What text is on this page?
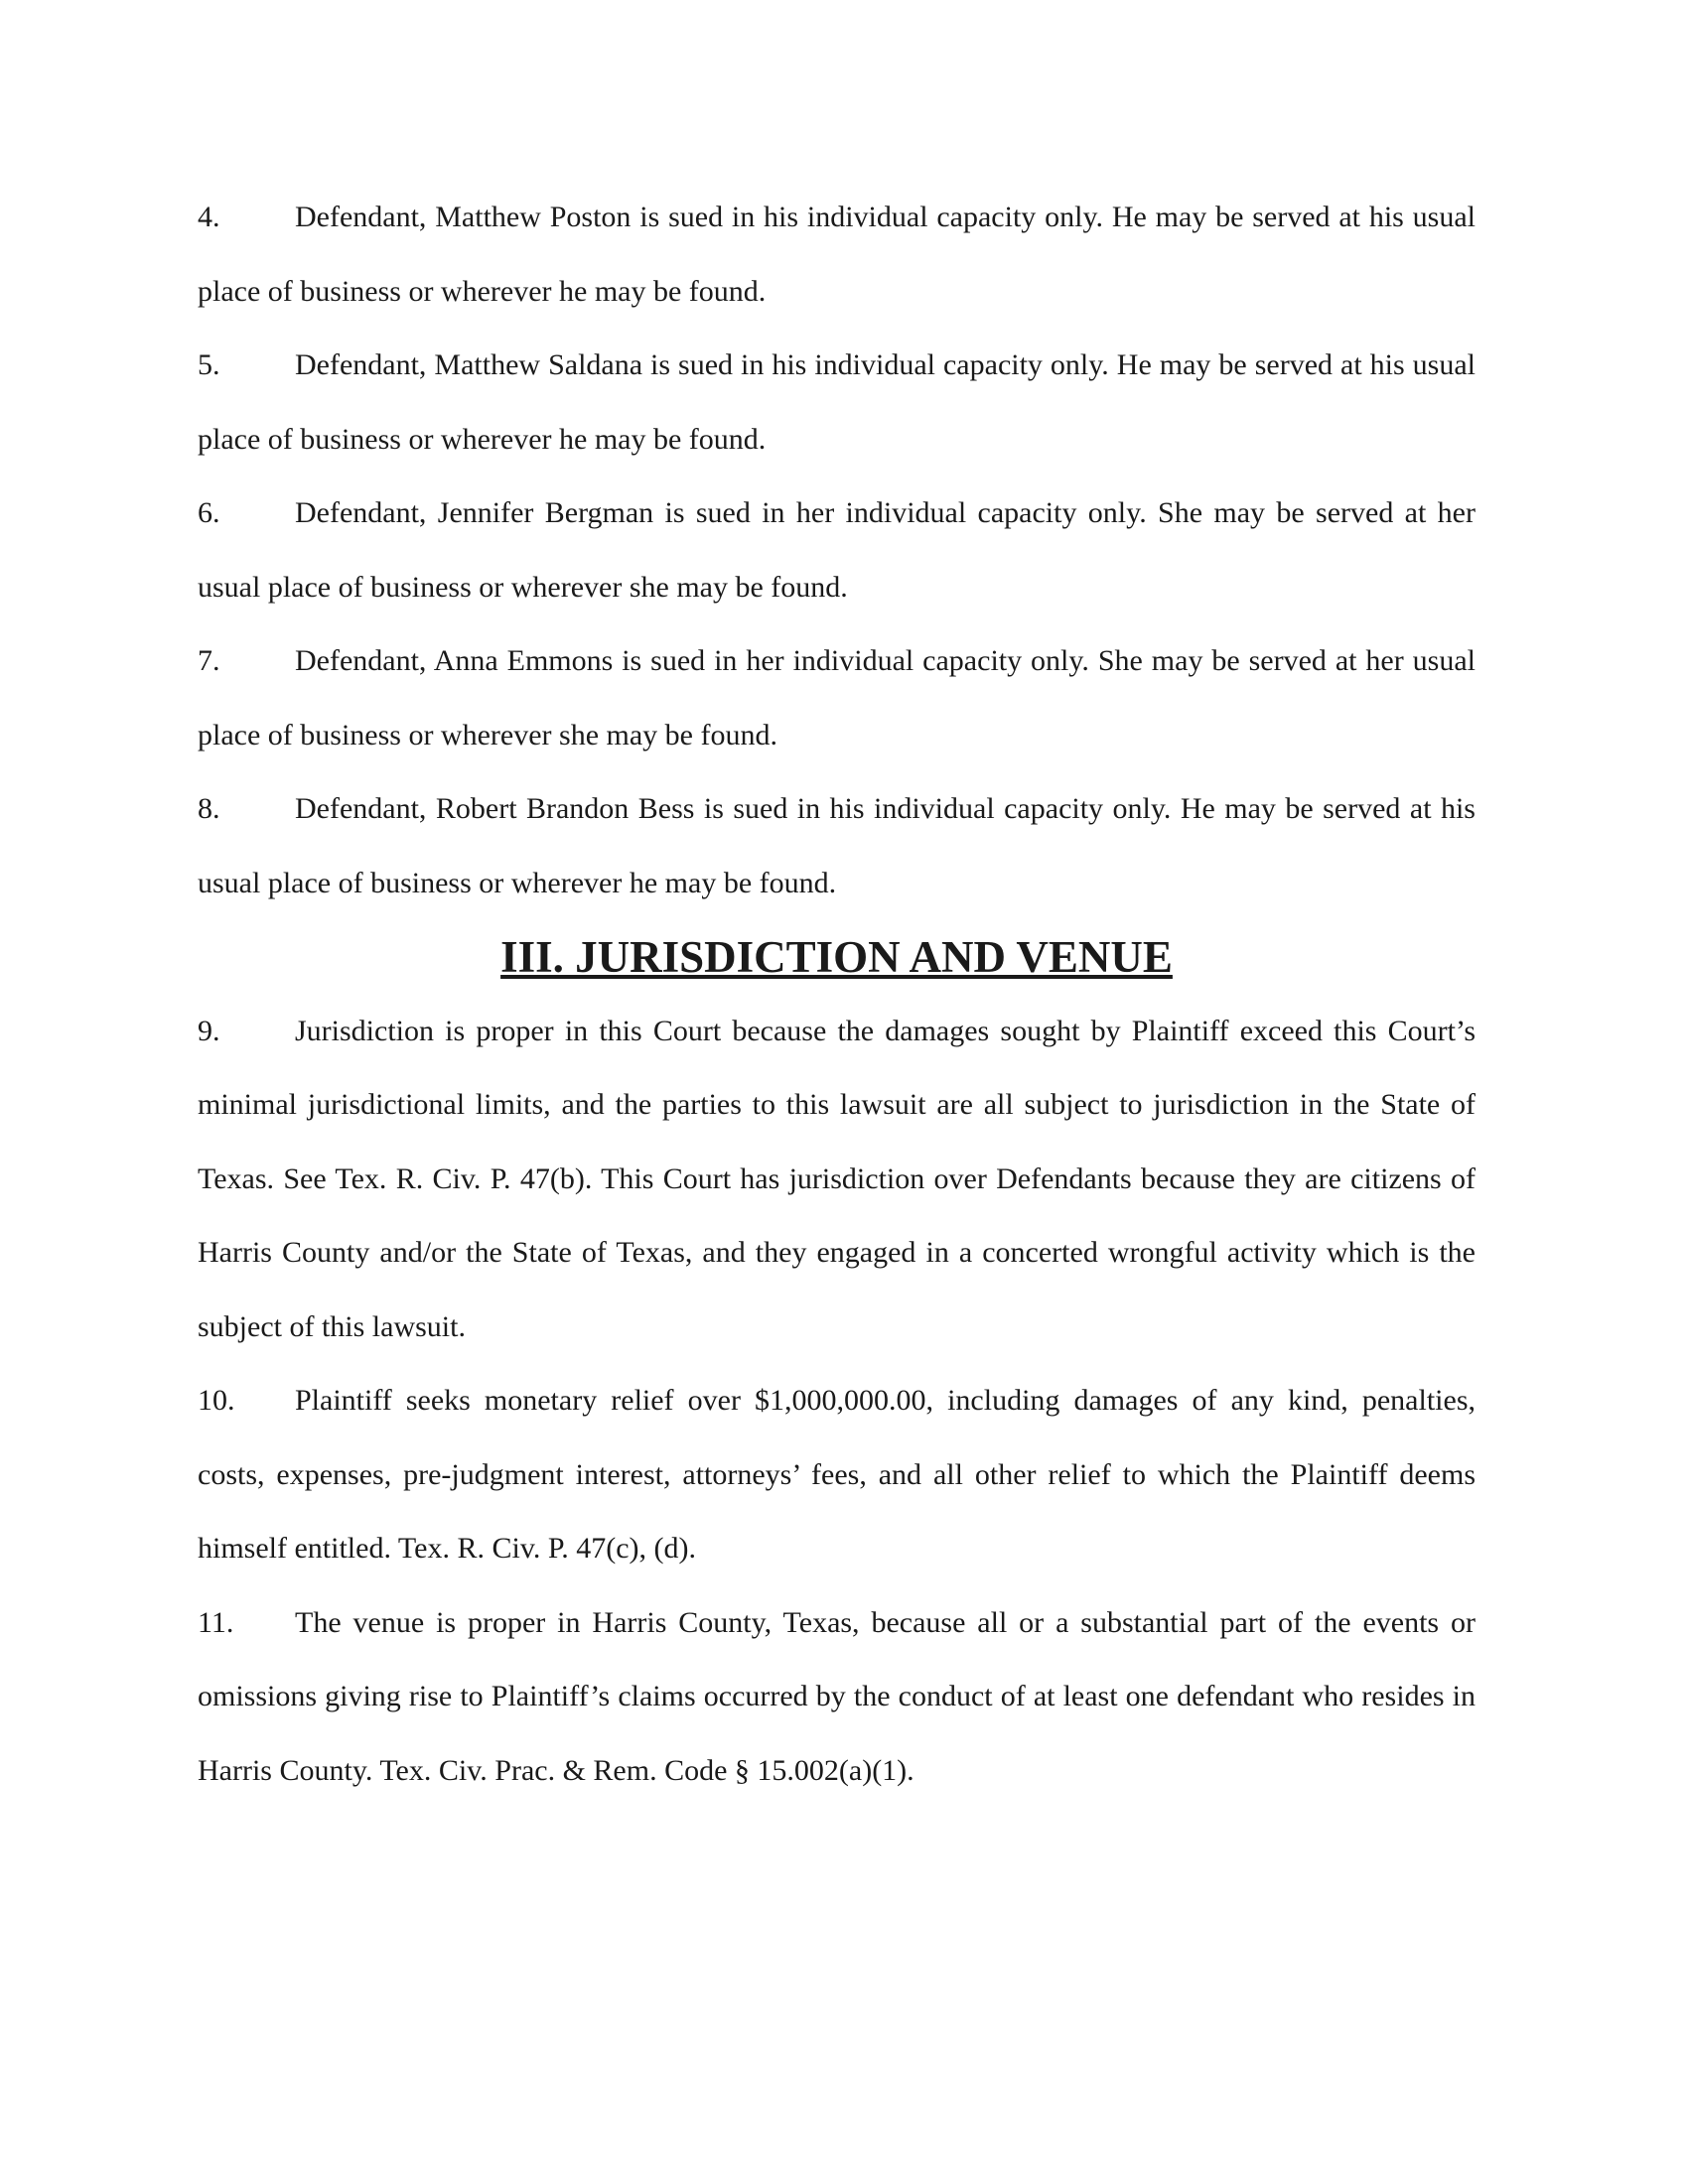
4.	Defendant, Matthew Poston is sued in his individual capacity only. He may be served at his usual place of business or wherever he may be found.

5.	Defendant, Matthew Saldana is sued in his individual capacity only. He may be served at his usual place of business or wherever he may be found.

6.	Defendant, Jennifer Bergman is sued in her individual capacity only. She may be served at her usual place of business or wherever she may be found.

7.	Defendant, Anna Emmons is sued in her individual capacity only. She may be served at her usual place of business or wherever she may be found.

8.	Defendant, Robert Brandon Bess is sued in his individual capacity only. He may be served at his usual place of business or wherever he may be found.

III. JURISDICTION AND VENUE

9.	Jurisdiction is proper in this Court because the damages sought by Plaintiff exceed this Court’s minimal jurisdictional limits, and the parties to this lawsuit are all subject to jurisdiction in the State of Texas. See Tex. R. Civ. P. 47(b). This Court has jurisdiction over Defendants because they are citizens of Harris County and/or the State of Texas, and they engaged in a concerted wrongful activity which is the subject of this lawsuit.

10. Plaintiff seeks monetary relief over $1,000,000.00, including damages of any kind, penalties, costs, expenses, pre-judgment interest, attorneys’ fees, and all other relief to which the Plaintiff deems himself entitled. Tex. R. Civ. P. 47(c), (d).

11. The venue is proper in Harris County, Texas, because all or a substantial part of the events or omissions giving rise to Plaintiff’s claims occurred by the conduct of at least one defendant who resides in Harris County. Tex. Civ. Prac. & Rem. Code § 15.002(a)(1).
